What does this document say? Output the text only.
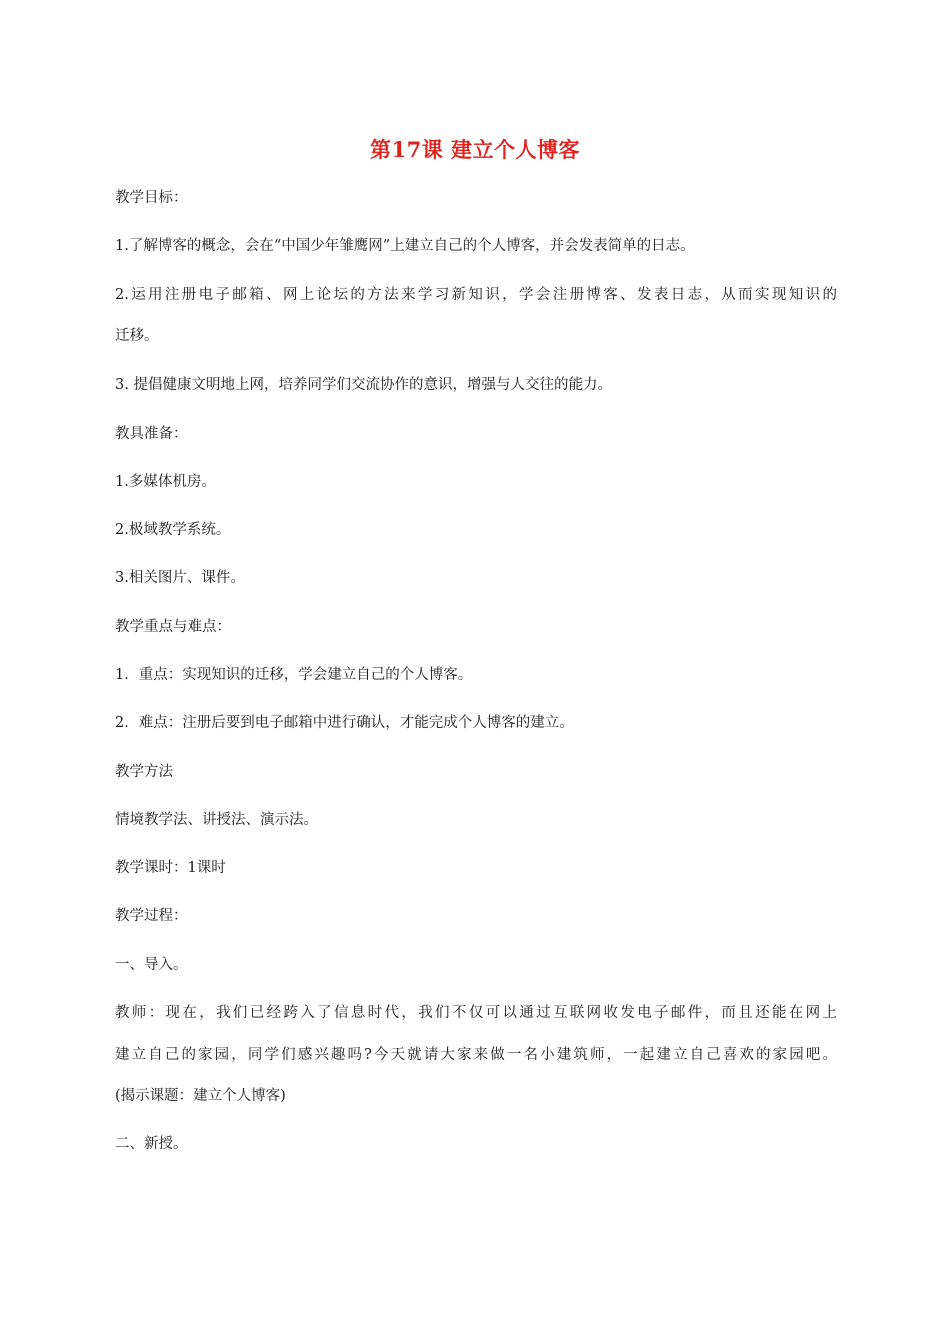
第17课 建立个人博客
教学目标：
1.了解博客的概念，会在“中国少年雏鹰网”上建立自己的个人博客，并会发表简单的日志。
2.运用注册电子邮箱、网上论坛的方法来学习新知识，学会注册博客、发表日志，从而实现知识的
迁移。
3. 提倡健康文明地上网，培养同学们交流协作的意识，增强与人交往的能力。
教具准备：
1.多媒体机房。
2.极域教学系统。
3.相关图片、课件。
教学重点与难点：
1．重点：实现知识的迁移，学会建立自己的个人博客。
2．难点：注册后要到电子邮箱中进行确认，才能完成个人博客的建立。
教学方法
情境教学法、讲授法、演示法。
教学课时：1课时
教学过程：
一、导入。
教师：现在，我们已经跨入了信息时代，我们不仅可以通过互联网收发电子邮件，而且还能在网上
建立自己的家园，同学们感兴趣吗?今天就请大家来做一名小建筑师，一起建立自己喜欢的家园吧。
(揭示课题：建立个人博客)
二、新授。
